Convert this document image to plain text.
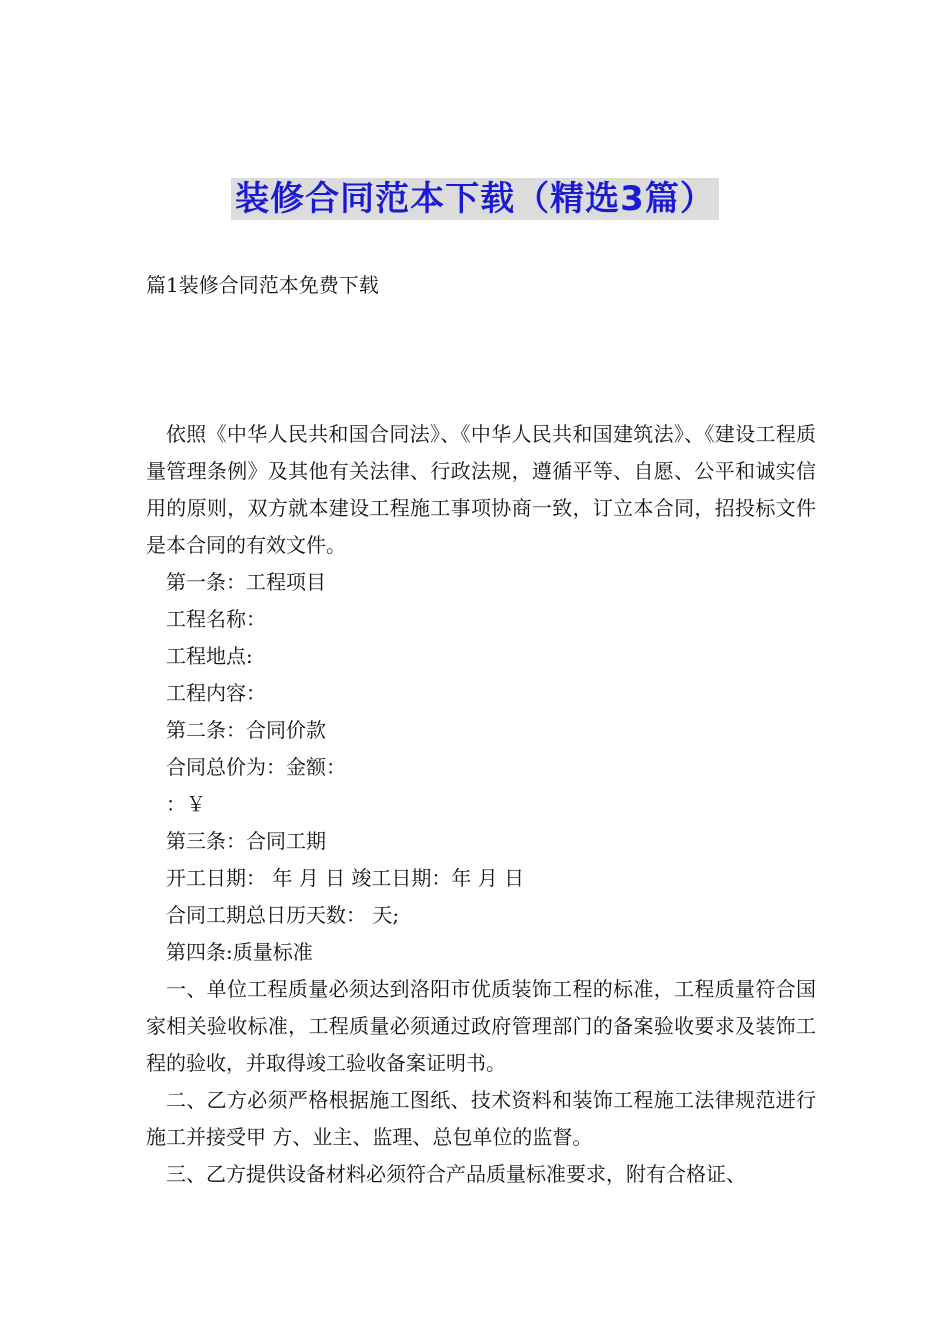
装修合同范本下载（精选3篇）
篇1装修合同范本免费下载

依照《中华人民共和国合同法》、《中华人民共和国建筑法》、《建设工程质量管理条例》及其他有关法律、行政法规，遵循平等、自愿、公平和诚实信用的原则，双方就本建设工程施工事项协商一致，订立本合同，招投标文件是本合同的有效文件。

第一条：工程项目

工程名称：

工程地点:

工程内容：

第二条：合同价款

合同总价为：金额：

：￥

第三条：合同工期

开工日期： 年 月 日 竣工日期：年 月 日

合同工期总日历天数： 天;

第四条:质量标准

一、单位工程质量必须达到洛阳市优质装饰工程的标准，工程质量符合国家相关验收标准，工程质量必须通过政府管理部门的备案验收要求及装饰工程的验收，并取得竣工验收备案证明书。

二、乙方必须严格根据施工图纸、技术资料和装饰工程施工法律规范进行施工并接受甲 方、业主、监理、总包单位的监督。

三、乙方提供设备材料必须符合产品质量标准要求，附有合格证、
